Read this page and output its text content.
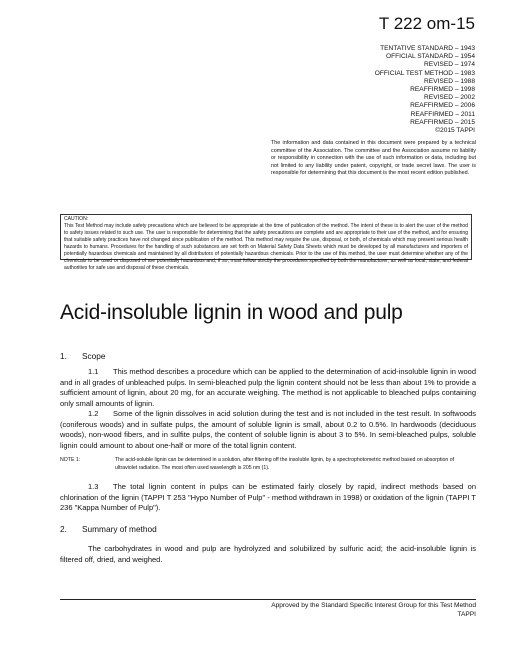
T 222 om-15
TENTATIVE STANDARD – 1943
OFFICIAL STANDARD – 1954
REVISED – 1974
OFFICIAL TEST METHOD – 1983
REVISED – 1988
REAFFIRMED – 1998
REVISED – 2002
REAFFIRMED – 2006
REAFFIRMED – 2011
REAFFIRMED – 2015
©2015 TAPPI
The information and data contained in this document were prepared by a technical committee of the Association. The committee and the Association assume no liability or responsibility in connection with the use of such information or data, including but not limited to any liability under patent, copyright, or trade secret laws. The user is responsible for determining that this document is the most recent edition published.
CAUTION:
This Test Method may include safety precautions which are believed to be appropriate at the time of publication of the method. The intent of these is to alert the user of the method to safety issues related to such use. The user is responsible for determining that the safety precautions are complete and are appropriate to their use of the method, and for ensuring that suitable safety practices have not changed since publication of the method. This method may require the use, disposal, or both, of chemicals which may present serious health hazards to humans. Procedures for the handling of such substances are set forth on Material Safety Data Sheets which must be developed by all manufacturers and importers of potentially hazardous chemicals and maintained by all distributors of potentially hazardous chemicals. Prior to the use of this method, the user must determine whether any of the chemicals to be used or disposed of are potentially hazardous and, if so, must follow strictly the procedures specified by both the manufacturer, as well as local, state, and federal authorities for safe use and disposal of these chemicals.
Acid-insoluble lignin in wood and pulp
1. Scope
1.1 This method describes a procedure which can be applied to the determination of acid-insoluble lignin in wood and in all grades of unbleached pulps. In semi-bleached pulp the lignin content should not be less than about 1% to provide a sufficient amount of lignin, about 20 mg, for an accurate weighing. The method is not applicable to bleached pulps containing only small amounts of lignin.
1.2 Some of the lignin dissolves in acid solution during the test and is not included in the test result. In softwoods (coniferous woods) and in sulfate pulps, the amount of soluble lignin is small, about 0.2 to 0.5%. In hardwoods (deciduous woods), non-wood fibers, and in sulfite pulps, the content of soluble lignin is about 3 to 5%. In semi-bleached pulps, soluble lignin could amount to about one-half or more of the total lignin content.
NOTE 1:	The acid-soluble lignin can be determined in a solution, after filtering off the insoluble lignin, by a spectrophotometric method based on absorption of ultraviolet radiation. The most often used wavelength is 205 nm (1).
1.3 The total lignin content in pulps can be estimated fairly closely by rapid, indirect methods based on chlorination of the lignin (TAPPI T 253 "Hypo Number of Pulp" - method withdrawn in 1998) or oxidation of the lignin (TAPPI T 236 "Kappa Number of Pulp").
2. Summary of method
The carbohydrates in wood and pulp are hydrolyzed and solubilized by sulfuric acid; the acid-insoluble lignin is filtered off, dried, and weighed.
Approved by the Standard Specific Interest Group for this Test Method
TAPPI
